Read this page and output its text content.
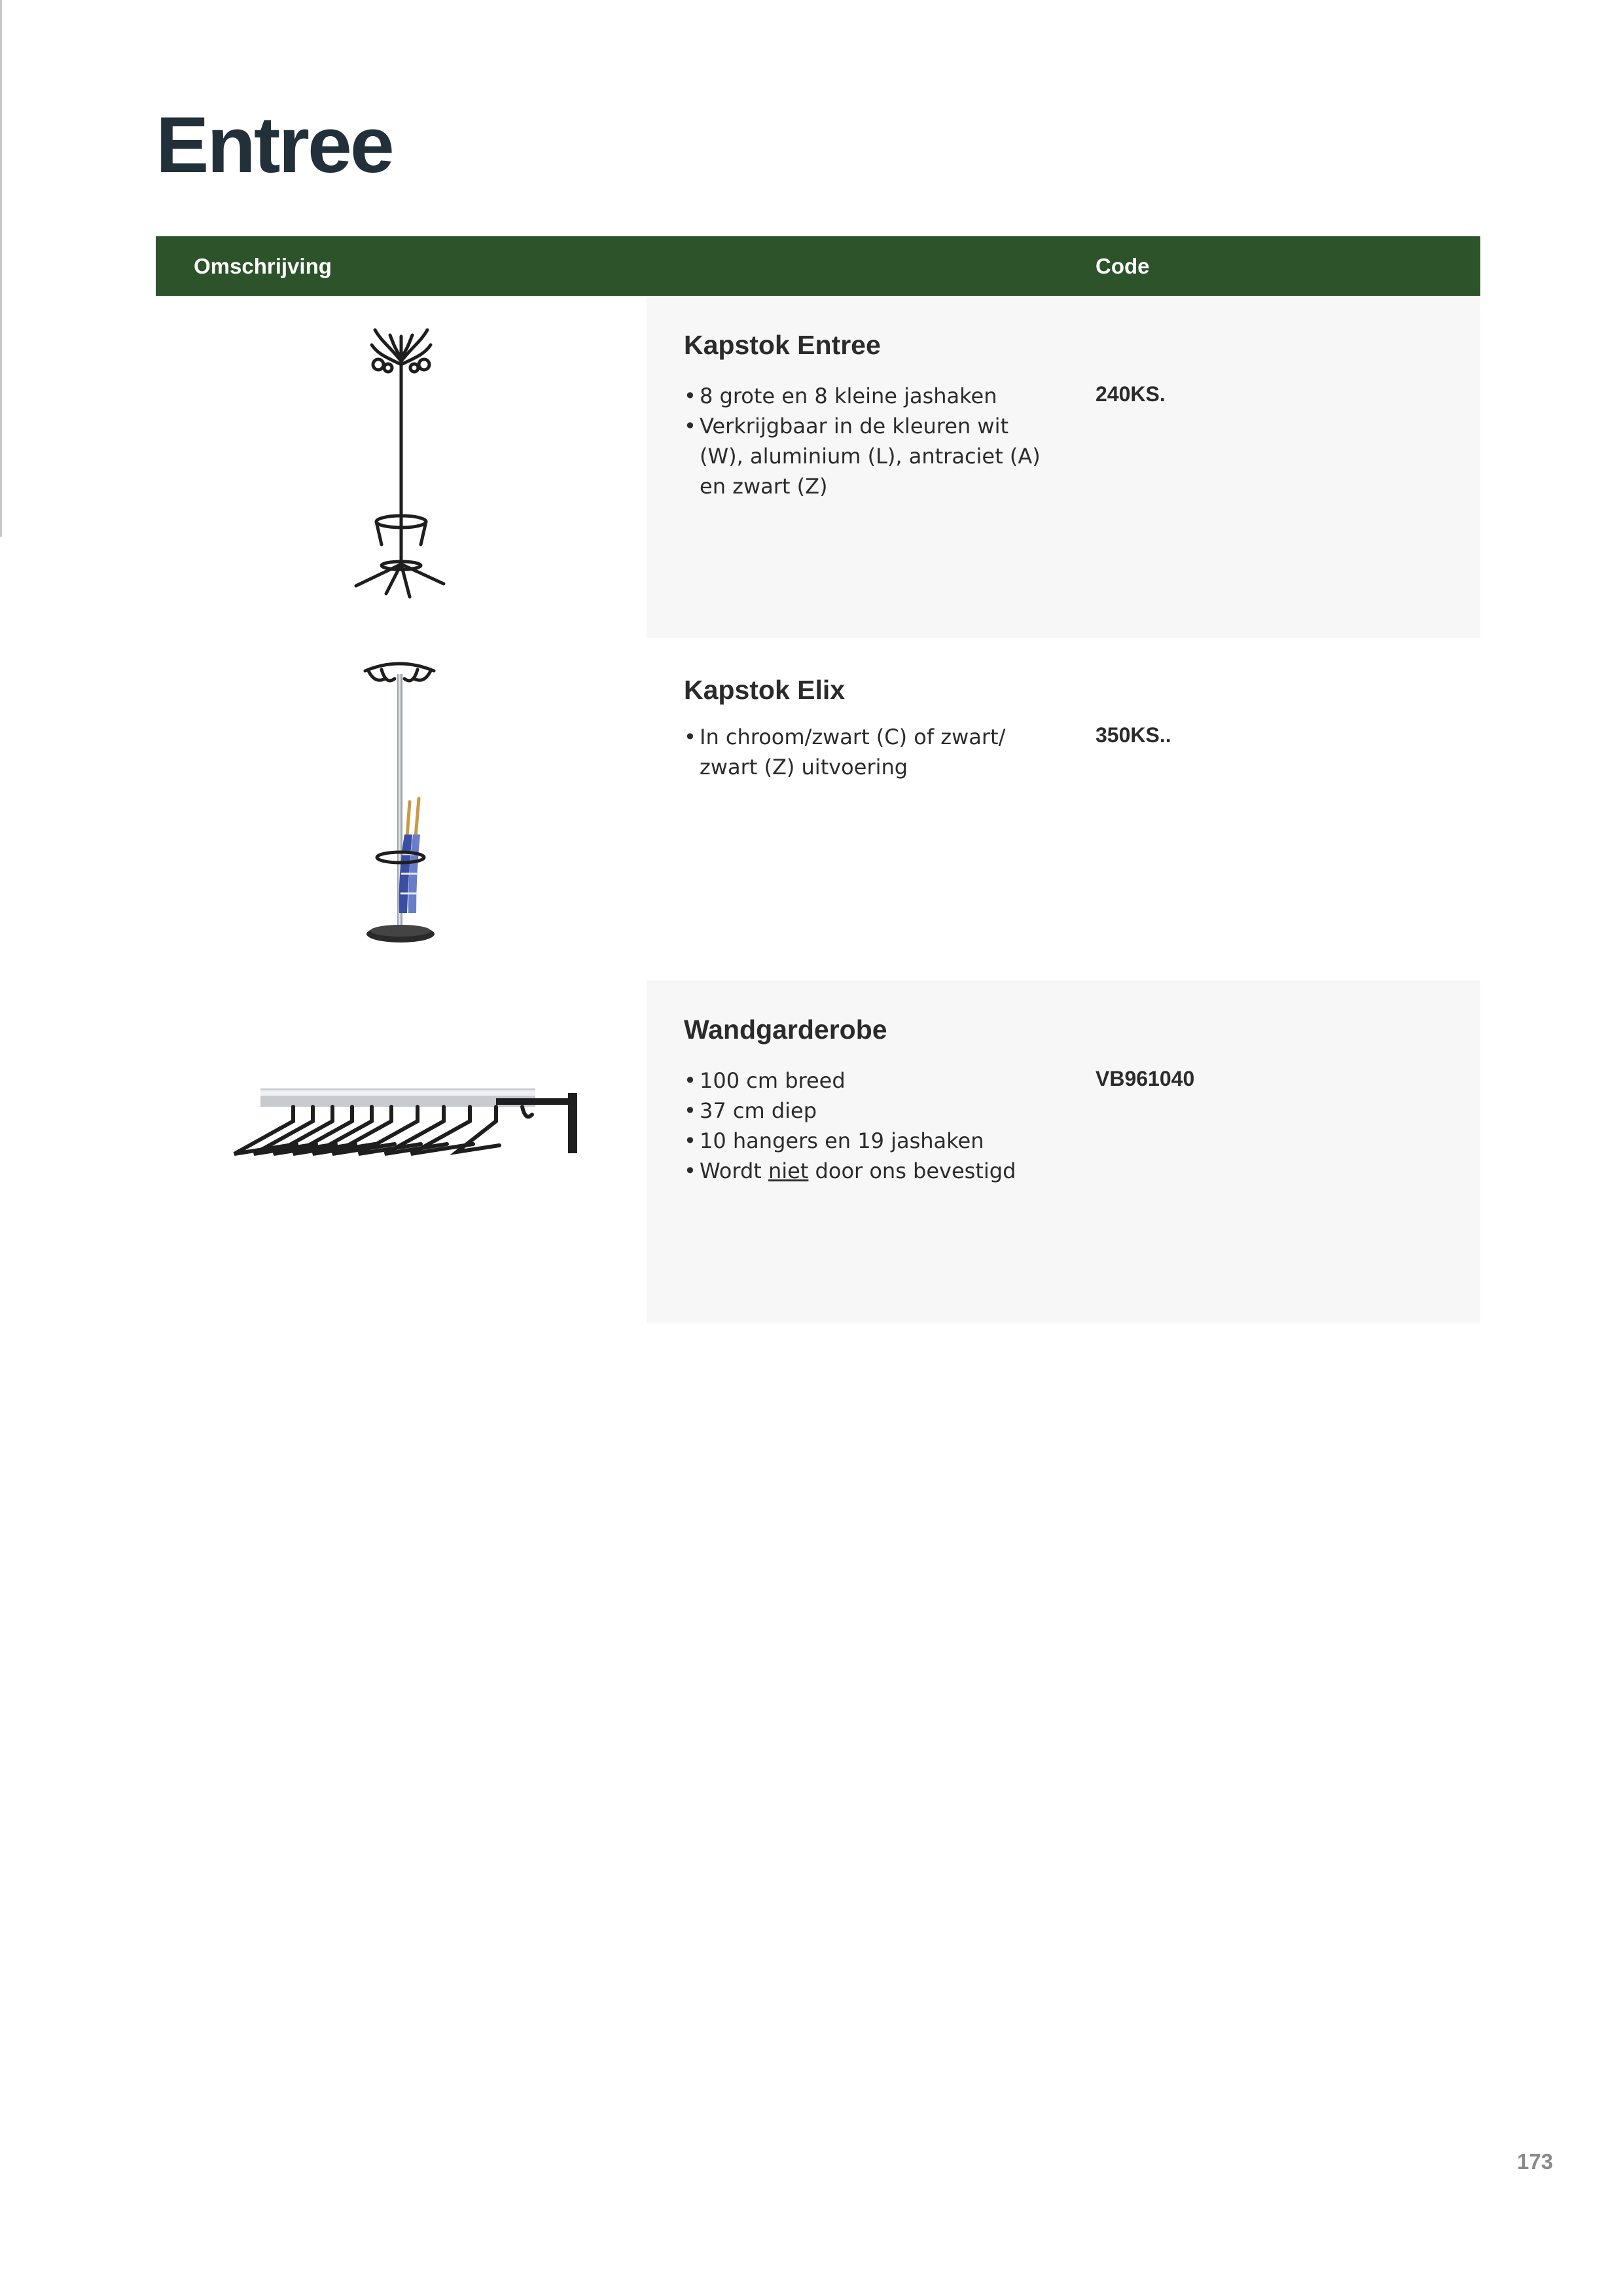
Entree
Omschrijving	Code
Kapstok Entree
• 8 grote en 8 kleine jashaken
• Verkrijgbaar in de kleuren wit (W), aluminium (L), antraciet (A) en zwart (Z)
240KS.
Kapstok Elix
• In chroom/zwart (C) of zwart/ zwart (Z) uitvoering
350KS..
Wandgarderobe
• 100 cm breed
• 37 cm diep
• 10 hangers en 19 jashaken
• Wordt niet door ons bevestigd
VB961040
173
